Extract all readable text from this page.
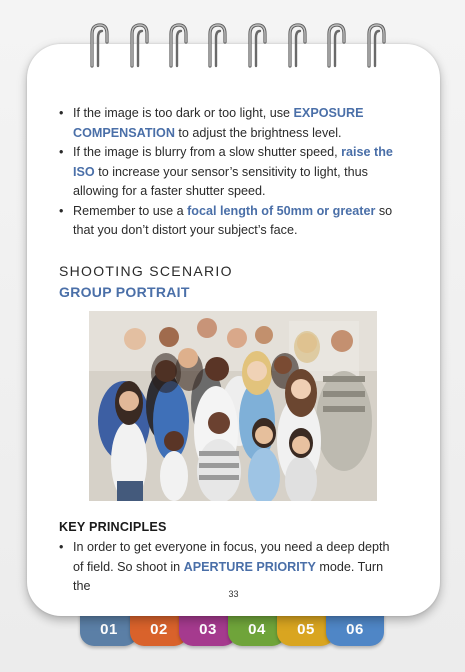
01 02 03 04 05 06
• If the image is too dark or too light, use EXPOSURE COMPENSATION to adjust the brightness level.
• If the image is blurry from a slow shutter speed, raise the ISO to increase your sensor’s sensitivity to light, thus allowing for a faster shutter speed.
• Remember to use a focal length of 50mm or greater so that you don’t distort your subject’s face.
SHOOTING SCENARIO
GROUP PORTRAIT
KEY PRINCIPLES
• In order to get everyone in focus, you need a deep depth of field. So shoot in APERTURE PRIORITY mode. Turn the
33
